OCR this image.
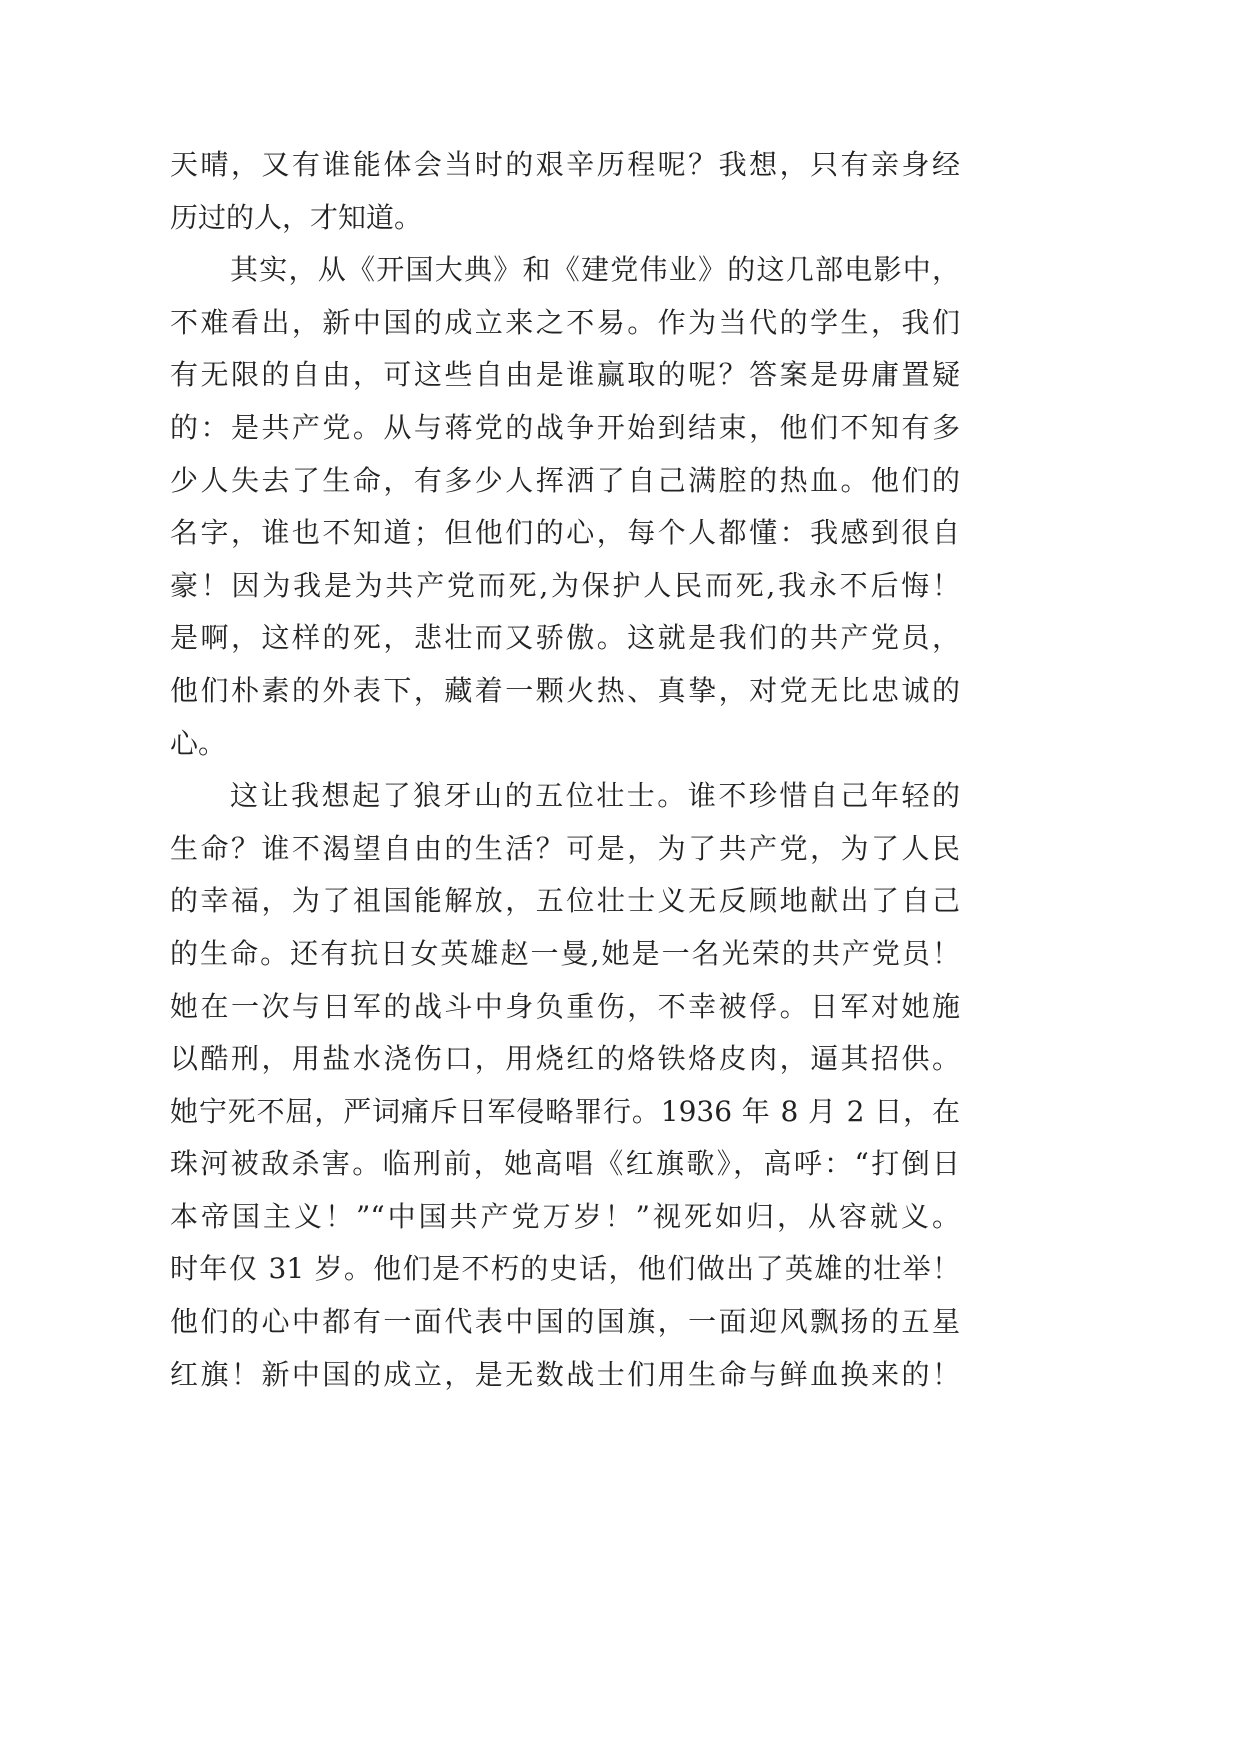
天晴，又有谁能体会当时的艰辛历程呢？我想，只有亲身经
历过的人，才知道。
其实，从《开国大典》和《建党伟业》的这几部电影中，
不难看出，新中国的成立来之不易。作为当代的学生，我们
有无限的自由，可这些自由是谁赢取的呢？答案是毋庸置疑
的：是共产党。从与蒋党的战争开始到结束，他们不知有多
少人失去了生命，有多少人挥洒了自己满腔的热血。他们的
名字，谁也不知道；但他们的心，每个人都懂：我感到很自
豪！因为我是为共产党而死,为保护人民而死,我永不后悔！
是啊，这样的死，悲壮而又骄傲。这就是我们的共产党员，
他们朴素的外表下，藏着一颗火热、真挚，对党无比忠诚的
心。
这让我想起了狼牙山的五位壮士。谁不珍惜自己年轻的
生命？谁不渴望自由的生活？可是，为了共产党，为了人民
的幸福，为了祖国能解放，五位壮士义无反顾地献出了自己
的生命。还有抗日女英雄赵一曼,她是一名光荣的共产党员！
她在一次与日军的战斗中身负重伤，不幸被俘。日军对她施
以酷刑，用盐水浇伤口，用烧红的烙铁烙皮肉，逼其招供。
她宁死不屈，严词痛斥日军侵略罪行。1936 年 8 月 2 日，在
珠河被敌杀害。临刑前，她高唱《红旗歌》，高呼：“打倒日
本帝国主义！”“中国共产党万岁！”视死如归，从容就义。
时年仅 31 岁。他们是不朽的史话，他们做出了英雄的壮举！
他们的心中都有一面代表中国的国旗，一面迎风飘扬的五星
红旗！新中国的成立，是无数战士们用生命与鲜血换来的！
